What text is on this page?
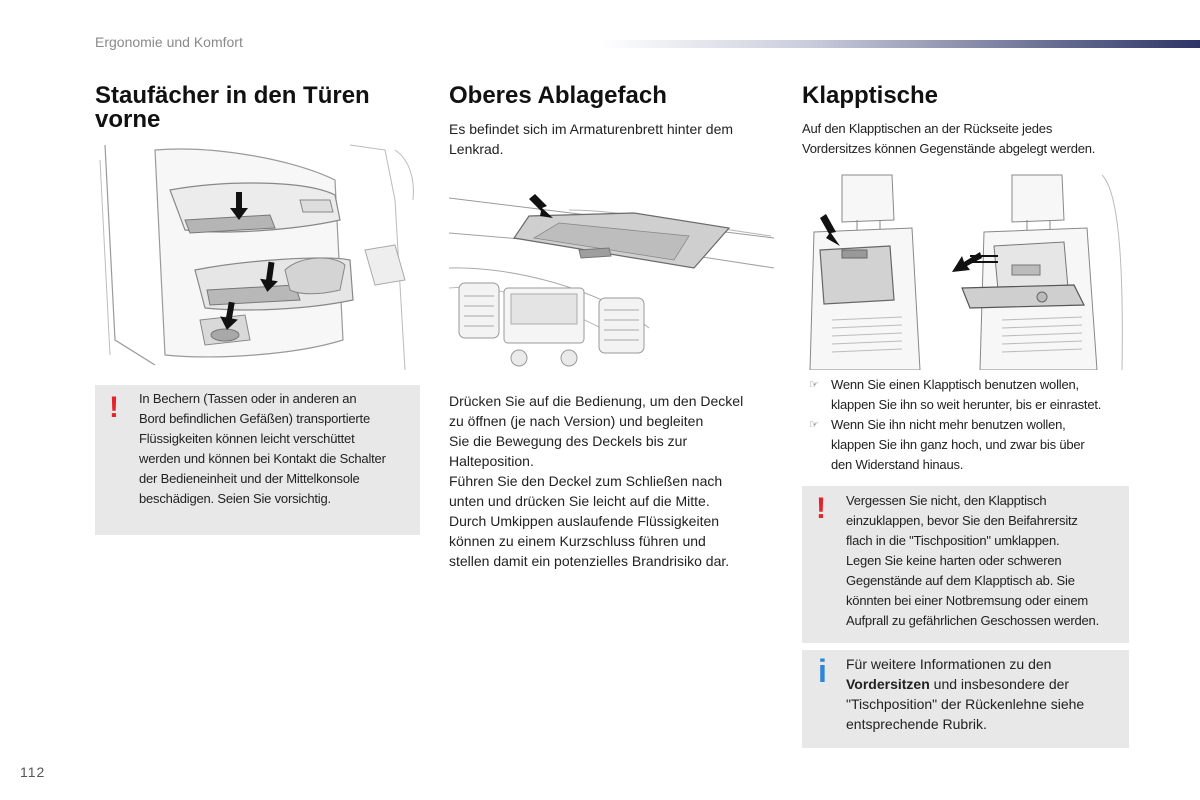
Ergonomie und Komfort
Staufächer in den Türen
vorne
! In Bechern (Tassen oder in anderen an
Bord befindlichen Gefäßen) transportierte
Flüssigkeiten können leicht verschüttet
werden und können bei Kontakt die Schalter
der Bedieneinheit und der Mittelkonsole
beschädigen. Seien Sie vorsichtig.
Oberes Ablagefach
Es befindet sich im Armaturenbrett hinter dem
Lenkrad.
Drücken Sie auf die Bedienung, um den Deckel
zu öffnen (je nach Version) und begleiten
Sie die Bewegung des Deckels bis zur
Halteposition.
Führen Sie den Deckel zum Schließen nach
unten und drücken Sie leicht auf die Mitte.
Durch Umkippen auslaufende Flüssigkeiten
können zu einem Kurzschluss führen und
stellen damit ein potenzielles Brandrisiko dar.
Klapptische
Auf den Klapptischen an der Rückseite jedes
Vordersitzes können Gegenstände abgelegt werden.
☞ Wenn Sie einen Klapptisch benutzen wollen,
klappen Sie ihn so weit herunter, bis er einrastet.
☞ Wenn Sie ihn nicht mehr benutzen wollen,
klappen Sie ihn ganz hoch, und zwar bis über
den Widerstand hinaus.
! Vergessen Sie nicht, den Klapptisch
einzuklappen, bevor Sie den Beifahrersitz
flach in die "Tischposition" umklappen.
Legen Sie keine harten oder schweren
Gegenstände auf dem Klapptisch ab. Sie
könnten bei einer Notbremsung oder einem
Aufprall zu gefährlichen Geschossen werden.
i Für weitere Informationen zu den
Vordersitzen und insbesondere der
"Tischposition" der Rückenlehne siehe
entsprechende Rubrik.
112
